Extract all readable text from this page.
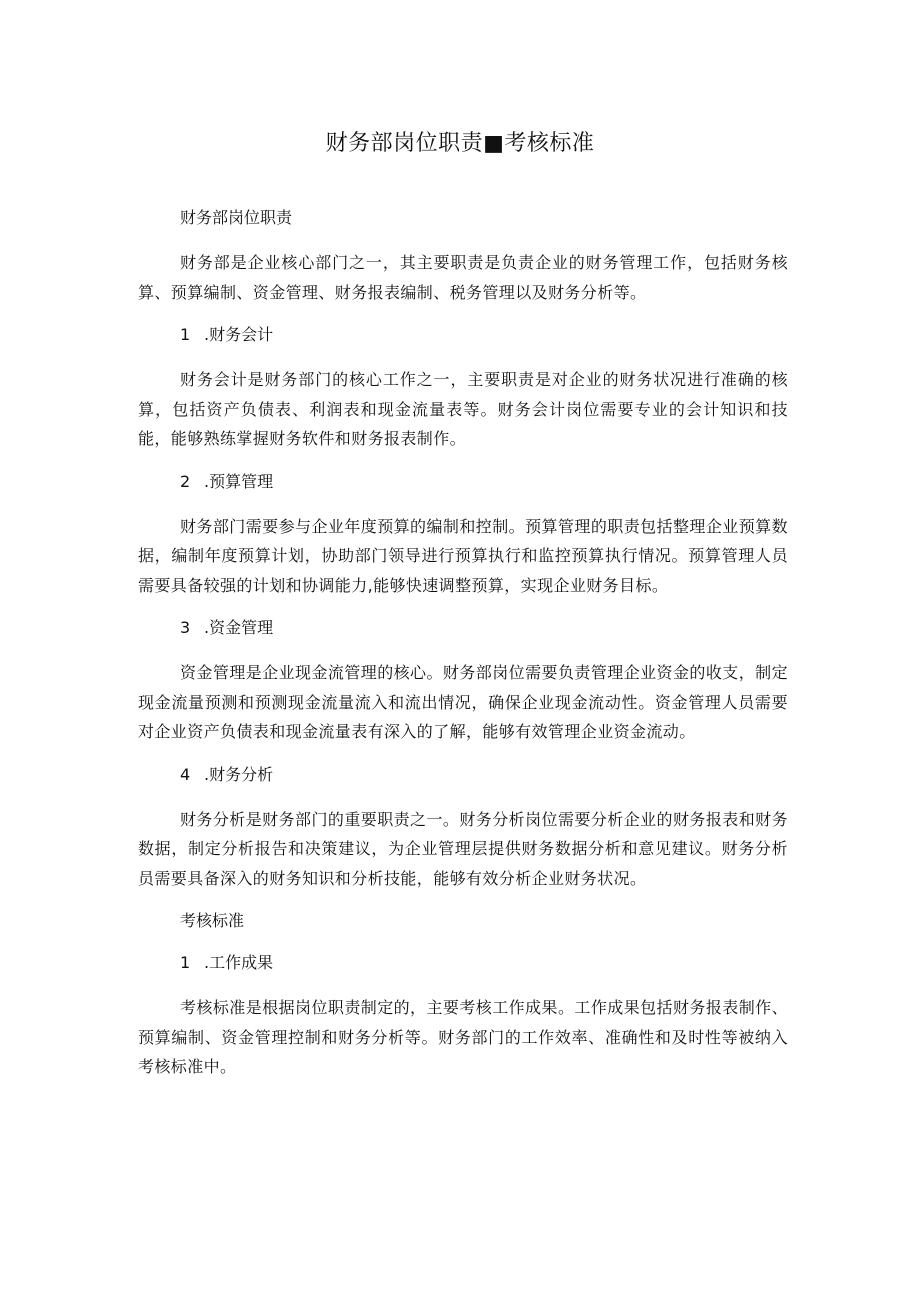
财务部岗位职责■考核标准
财务部岗位职责
财务部是企业核心部门之一，其主要职责是负责企业的财务管理工作，包括财务核算、预算编制、资金管理、财务报表编制、税务管理以及财务分析等。
1 .财务会计
财务会计是财务部门的核心工作之一，主要职责是对企业的财务状况进行准确的核算，包括资产负债表、利润表和现金流量表等。财务会计岗位需要专业的会计知识和技能，能够熟练掌握财务软件和财务报表制作。
2 .预算管理
财务部门需要参与企业年度预算的编制和控制。预算管理的职责包括整理企业预算数据，编制年度预算计划，协助部门领导进行预算执行和监控预算执行情况。预算管理人员需要具备较强的计划和协调能力,能够快速调整预算，实现企业财务目标。
3 .资金管理
资金管理是企业现金流管理的核心。财务部岗位需要负责管理企业资金的收支，制定现金流量预测和预测现金流量流入和流出情况，确保企业现金流动性。资金管理人员需要对企业资产负债表和现金流量表有深入的了解，能够有效管理企业资金流动。
4 .财务分析
财务分析是财务部门的重要职责之一。财务分析岗位需要分析企业的财务报表和财务数据，制定分析报告和决策建议，为企业管理层提供财务数据分析和意见建议。财务分析员需要具备深入的财务知识和分析技能，能够有效分析企业财务状况。
考核标准
1 .工作成果
考核标准是根据岗位职责制定的，主要考核工作成果。工作成果包括财务报表制作、预算编制、资金管理控制和财务分析等。财务部门的工作效率、准确性和及时性等被纳入考核标准中。
